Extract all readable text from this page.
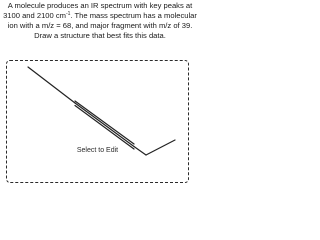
A molecule produces an IR spectrum with key peaks at
3100 and 2100 $cm^{-1}$. The mass spectrum has a molecular
ion with a m/z = 68, and major fragment with m/z of 39.
Draw a structure that best fits this data.
Select to Edit
